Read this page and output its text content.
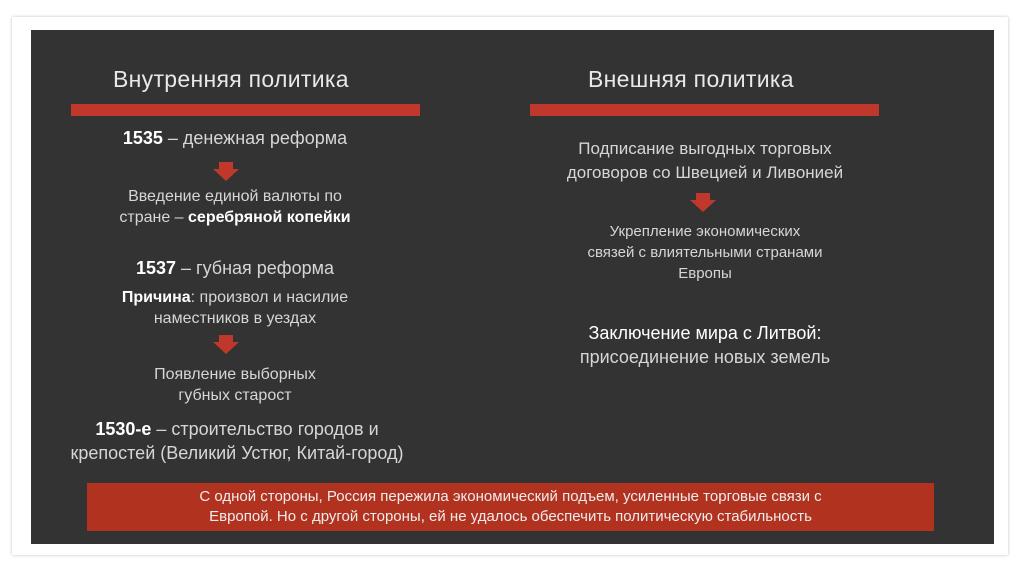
Внутренняя политика
1535 – денежная реформа
Введение единой валюты по
стране – серебряной копейки
1537 – губная реформа
Причина: произвол и насилие
наместников в уездах
Появление выборных
губных старост
1530-е – строительство городов и
крепостей (Великий Устюг, Китай-город)
Внешняя политика
Подписание выгодных торговых
договоров со Швецией и Ливонией
Укрепление экономических
связей с влиятельными странами
Европы
Заключение мира с Литвой:
присоединение новых земель
С одной стороны, Россия пережила экономический подъем, усиленные торговые связи с
Европой. Но с другой стороны, ей не удалось обеспечить политическую стабильность
